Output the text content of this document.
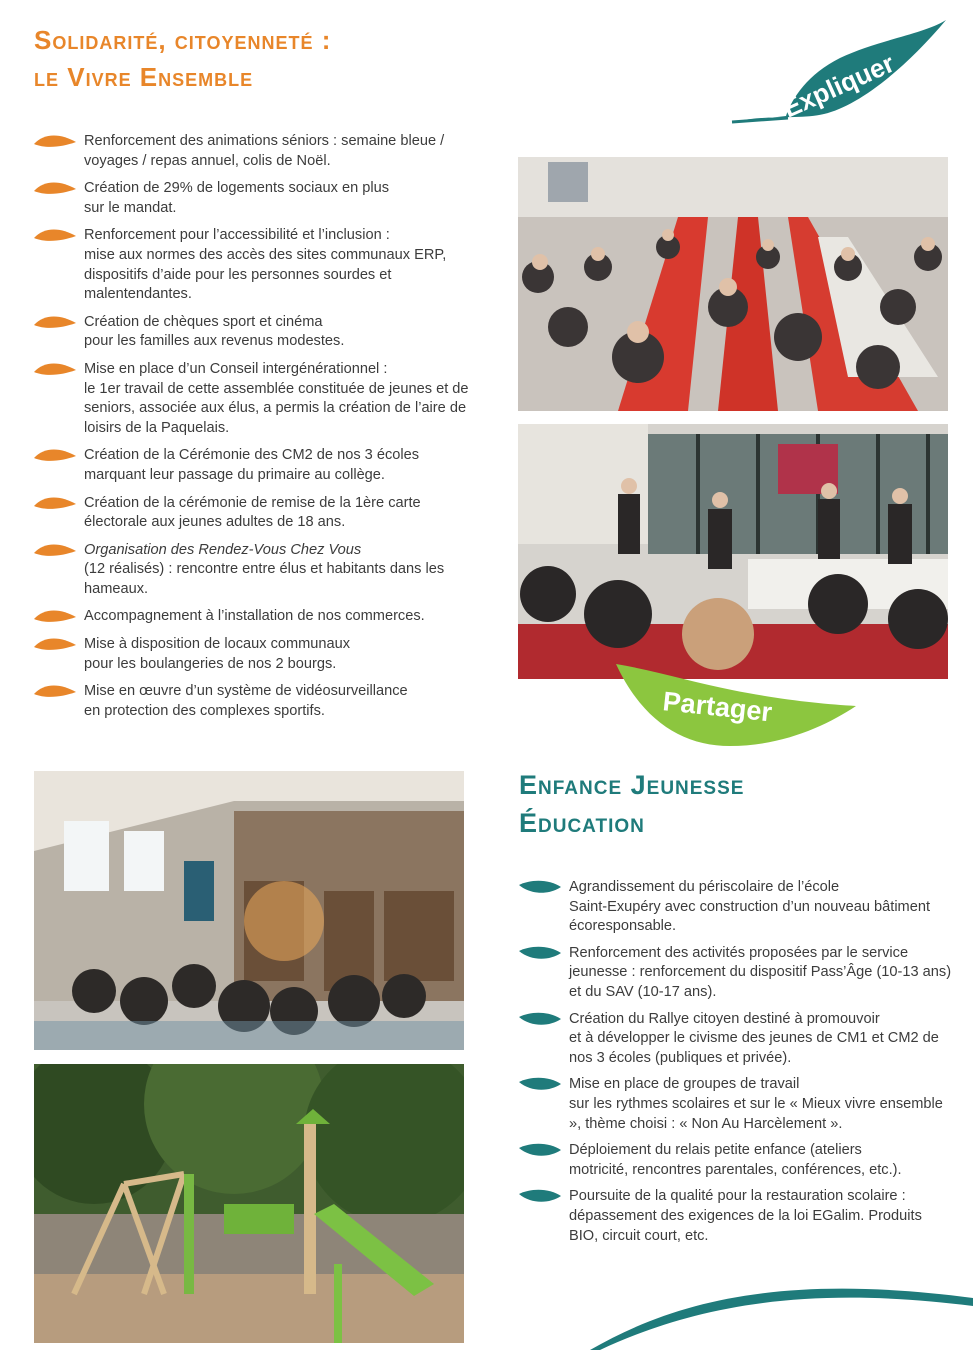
Solidarité, citoyenneté :
le Vivre Ensemble	Expliquer
Renforcement des animations séniors : semaine bleue / voyages / repas annuel, colis de Noël.
Création de 29% de logements sociaux en plus
sur le mandat.
Renforcement pour l’accessibilité et l’inclusion :
mise aux normes des accès des sites communaux ERP, dispositifs d’aide pour les personnes sourdes et malentendantes.
Création de chèques sport et cinéma
pour les familles aux revenus modestes.
Mise en place d’un Conseil intergénérationnel :
le 1er travail de cette assemblée constituée de jeunes et de seniors, associée aux élus, a permis la création de l’aire de loisirs de la Paquelais.
Création de la Cérémonie des CM2 de nos 3 écoles
marquant leur passage du primaire au collège.
Création de la cérémonie de remise de la 1ère carte
électorale aux jeunes adultes de 18 ans.
Organisation des Rendez-Vous Chez Vous
(12 réalisés) : rencontre entre élus et habitants dans les hameaux.
Accompagnement à l’installation de nos commerces.
Mise à disposition de locaux communaux
pour les boulangeries de nos 2 bourgs.
Mise en œuvre d’un système de vidéosurveillance
en protection des complexes sportifs.	Partager
Enfance Jeunesse
Éducation
Agrandissement du périscolaire de l’école
Saint-Exupéry avec construction d’un nouveau bâtiment écoresponsable.
Renforcement des activités proposées par le service
jeunesse : renforcement du dispositif Pass’Âge (10-13 ans) et du SAV (10-17 ans).
Création du Rallye citoyen destiné à promouvoir
et à développer le civisme des jeunes de CM1 et CM2 de nos 3 écoles (publiques et privée).
Mise en place de groupes de travail
sur les rythmes scolaires et sur le « Mieux vivre ensemble », thème choisi : « Non Au Harcèlement ».
Déploiement du relais petite enfance (ateliers
motricité, rencontres parentales, conférences, etc.).
Poursuite de la qualité pour la restauration scolaire :
dépassement des exigences de la loi EGalim. Produits BIO, circuit court, etc.
